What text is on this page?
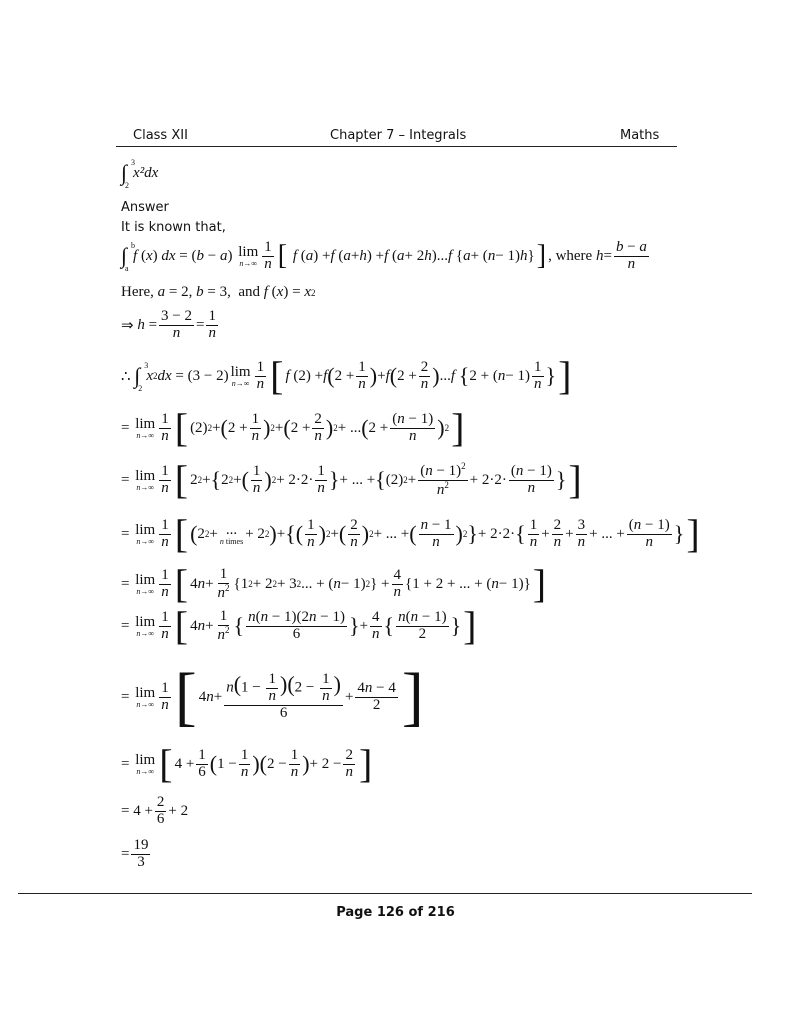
Class XII	Chapter 7 – Integrals	Maths
∫ 3
2
x²dx
Answer
It is known that,
∫ b
a
f ( x ) dx = ( b − a ) lim
$n\to\infty \frac{1}{n}$ [
f ( a ) + f ( a + h ) + f ( a + 2 h )... f { a + ( n − 1) h } ] , where $h = \frac{b - a}{n}$
Here, a = 2, b = 3,  and f ( x ) = x 2
⇒ $h = \frac{3 - 2}{n} = \frac{1}{n}$
∴ ∫ 3
2
x 2 dx = (3 − 2) lim
$n\to\infty \frac{1}{n}$ [ f (2) + f ( $2 + \frac{1}{n}$ ) + f ( $2 + \frac{2}{n}$ ) ... f
{ 2 + ( $n - 1) \frac{1}{n}$ } ]
= lim
$n\to\infty \frac{1}{n}$ [ (2) 2 + ( $2 + \frac{1}{n}$ ) 2 + ( $2 + \frac{2}{n}$ ) 2 + ... ( $2 + \frac{(n - 1)}{n}$ ) 2 ]
= lim
$n\to\infty \frac{1}{n}$ [ 2 2 + { 2 2 + ( $\frac{1}{n}$ ) $2 + 2\cdot 2\cdot \frac{1}{n}$ } + ... + { (2) $2 + \frac{(n - 1)^2}{n^2} + 2\cdot 2\cdot \frac{(n - 1)}{n}$ } ]
= lim
$n\to\infty \frac{1}{n}$ [ ( 2 2 + ...
n times + 2 2 ) + { ( $\frac{1}{n}$ ) 2 + ( $\frac{2}{n}$ ) 2 + ... + ( $\frac{n - 1}{n}$ ) 2 } + 2·2· { $\frac{1}{n} + \frac{2}{n} + \frac{3}{n}$ + ... + $\frac{(n - 1)}{n}$ } ]
= lim
$n\to\infty \frac{1}{n}$ [ 4 $n + \frac{1}{n^2} \{1$ 2 + 2 2 + 3 2 ... + ( n − 1) 2 } + $\frac{4}{n} \{1 + 2$ + ... + ( n − 1)} ]
= lim
$n\to\infty \frac{1}{n}$ [ 4 $n + \frac{1}{n^2}$ { $\frac{n(n - 1)(2n - 1)}{6}$ } + $\frac{4}{n}$ { $\frac{n(n - 1)}{2}$ } ]
= lim
$n\to\infty \frac{1}{n}$ [ 4 $n + \frac{n(1 - \frac{1}{n} )(2 - \frac{1}{n} )}{6} + \frac{4n - 4}{2}$ ]
= lim
n→∞ [ $4 + \frac{1}{6}$ ( $1 - \frac{1}{n}$ ) ( $2 - \frac{1}{n}$ ) + $2 - \frac{2}{n}$ ]
= $4 + \frac{2}{6} + 2$
= $\frac{19}{3}$
Page 126 of 216
